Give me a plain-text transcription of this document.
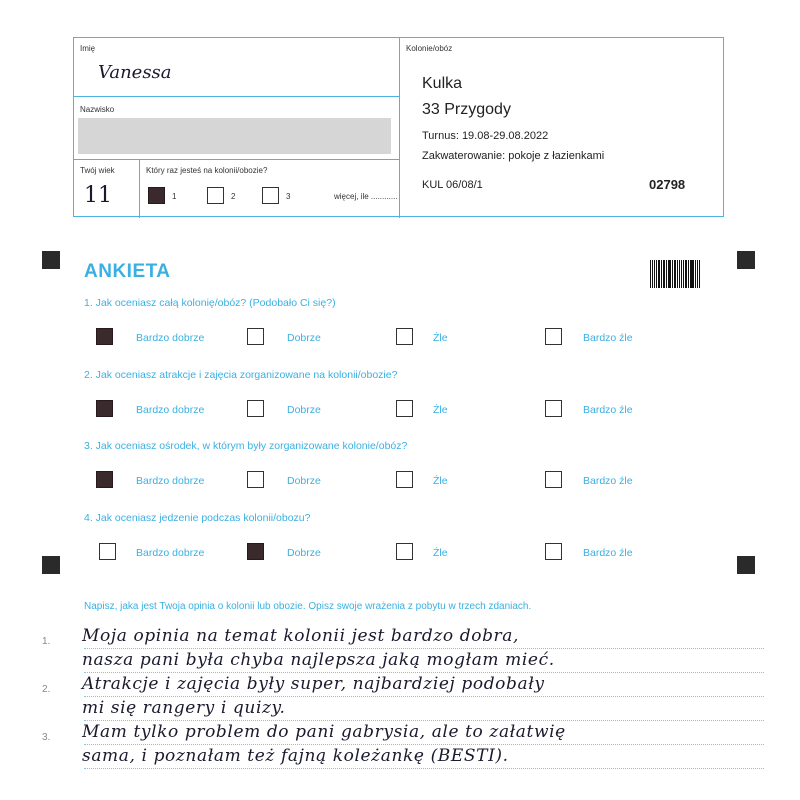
Imię
Vanessa
Nazwisko
Twój wiek
11
Który raz jesteś na kolonii/obozie?
1	2	3	więcej, ile ............
Kolonie/obóz
Kulka
33 Przygody
Turnus: 19.08-29.08.2022
Zakwaterowanie: pokoje z łazienkami
KUL 06/08/1	02798
ANKIETA
1. Jak oceniasz całą kolonię/obóz? (Podobało Ci się?)
Bardzo dobrze	Dobrze	Źle	Bardzo źle
2. Jak oceniasz atrakcje i zajęcia zorganizowane na kolonii/obozie?
Bardzo dobrze	Dobrze	Źle	Bardzo źle
3. Jak oceniasz ośrodek, w którym były zorganizowane kolonie/obóz?
Bardzo dobrze	Dobrze	Źle	Bardzo źle
4. Jak oceniasz jedzenie podczas kolonii/obozu?
Bardzo dobrze	Dobrze	Źle	Bardzo źle
Napisz, jaka jest Twoja opinia o kolonii lub obozie. Opisz swoje wrażenia z pobytu w trzech zdaniach.
1.
2.
3.
Moja opinia na temat kolonii jest bardzo dobra,
nasza pani była chyba najlepsza jaką mogłam mieć.
Atrakcje i zajęcia były super, najbardziej podobały
mi się rangery i quizy.
Mam tylko problem do pani gabrysia, ale to załatwię
sama, i poznałam też fajną koleżankę (BESTI).
